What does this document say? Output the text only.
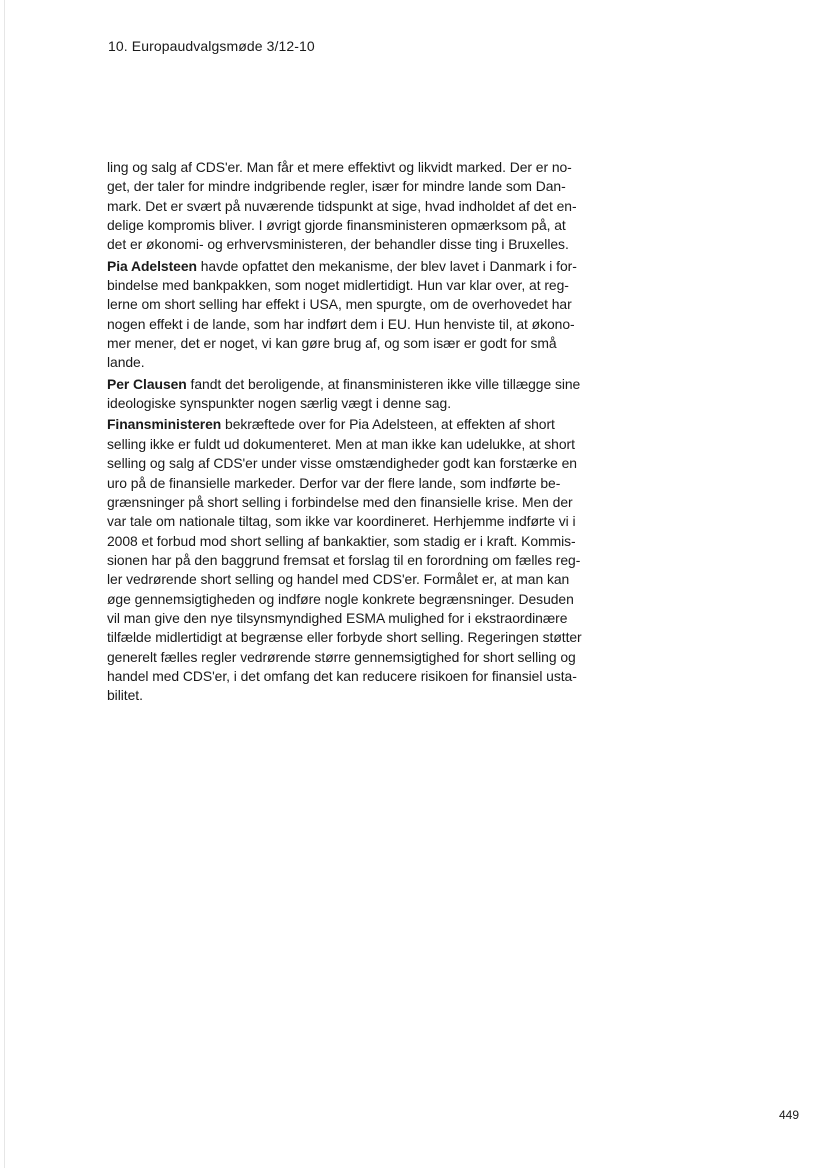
10. Europaudvalgsmøde 3/12-10
ling og salg af CDS'er. Man får et mere effektivt og likvidt marked. Der er no-
get, der taler for mindre indgribende regler, især for mindre lande som Dan-
mark. Det er svært på nuværende tidspunkt at sige, hvad indholdet af det en-
delige kompromis bliver. I øvrigt gjorde finansministeren opmærksom på, at
det er økonomi- og erhvervsministeren, der behandler disse ting i Bruxelles.
Pia Adelsteen havde opfattet den mekanisme, der blev lavet i Danmark i for-
bindelse med bankpakken, som noget midlertidigt. Hun var klar over, at reg-
lerne om short selling har effekt i USA, men spurgte, om de overhovedet har
nogen effekt i de lande, som har indført dem i EU. Hun henviste til, at økono-
mer mener, det er noget, vi kan gøre brug af, og som især er godt for små
lande.
Per Clausen fandt det beroligende, at finansministeren ikke ville tillægge sine
ideologiske synspunkter nogen særlig vægt i denne sag.
Finansministeren bekræftede over for Pia Adelsteen, at effekten af short
selling ikke er fuldt ud dokumenteret. Men at man ikke kan udelukke, at short
selling og salg af CDS'er under visse omstændigheder godt kan forstærke en
uro på de finansielle markeder. Derfor var der flere lande, som indførte be-
grænsninger på short selling i forbindelse med den finansielle krise. Men der
var tale om nationale tiltag, som ikke var koordineret. Herhjemme indførte vi i
2008 et forbud mod short selling af bankaktier, som stadig er i kraft. Kommis-
sionen har på den baggrund fremsat et forslag til en forordning om fælles reg-
ler vedrørende short selling og handel med CDS'er. Formålet er, at man kan
øge gennemsigtigheden og indføre nogle konkrete begrænsninger. Desuden
vil man give den nye tilsynsmyndighed ESMA mulighed for i ekstraordinære
tilfælde midlertidigt at begrænse eller forbyde short selling. Regeringen støtter
generelt fælles regler vedrørende større gennemsigtighed for short selling og
handel med CDS'er, i det omfang det kan reducere risikoen for finansiel usta-
bilitet.
449
